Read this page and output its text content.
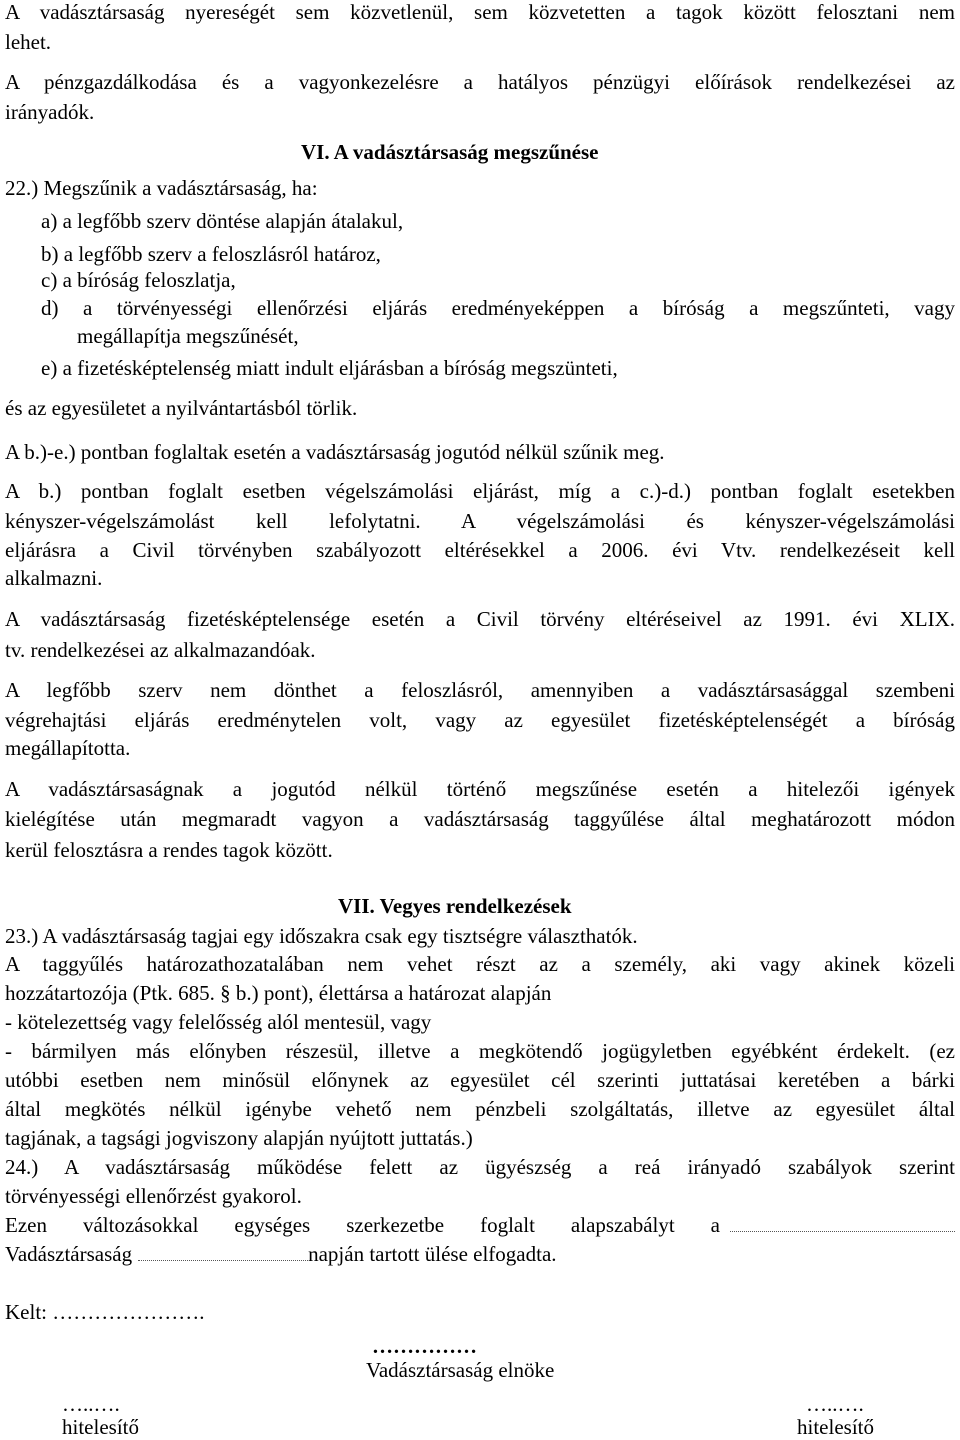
A vadásztársaság nyereségét sem közvetlenül, sem közvetetten a tagok között felosztani nem
lehet.
A pénzgazdálkodása és a vagyonkezelésre a hatályos pénzügyi előírások rendelkezései az
irányadók.
VI. A vadásztársaság megszűnése
22.) Megszűnik a vadásztársaság, ha:
a) a legfőbb szerv döntése alapján átalakul,
b) a legfőbb szerv a feloszlásról határoz,
c) a bíróság feloszlatja,
d) a törvényességi ellenőrzési eljárás eredményeképpen a bíróság a megszűnteti, vagy
megállapítja megszűnését,
e) a fizetésképtelenség miatt indult eljárásban a bíróság megszünteti,
és az egyesületet a nyilvántartásból törlik.
A b.)-e.) pontban foglaltak esetén a vadásztársaság jogutód nélkül szűnik meg.
A b.) pontban foglalt esetben végelszámolási eljárást, míg a c.)-d.) pontban foglalt esetekben
kényszer-végelszámolást kell lefolytatni. A végelszámolási és kényszer-végelszámolási
eljárásra a Civil törvényben szabályozott eltérésekkel a 2006. évi Vtv. rendelkezéseit kell
alkalmazni.
A vadásztársaság fizetésképtelensége esetén a Civil törvény eltéréseivel az 1991. évi XLIX.
tv. rendelkezései az alkalmazandóak.
A legfőbb szerv nem dönthet a feloszlásról, amennyiben a vadásztársasággal szembeni
végrehajtási eljárás eredménytelen volt, vagy az egyesület fizetésképtelenségét a bíróság
megállapította.
A vadásztársaságnak a jogutód nélkül történő megszűnése esetén a hitelezői igények
kielégítése után megmaradt vagyon a vadásztársaság taggyűlése által meghatározott módon
kerül felosztásra a rendes tagok között.
VII. Vegyes rendelkezések
23.) A vadásztársaság tagjai egy időszakra csak egy tisztségre választhatók.
A taggyűlés határozathozatalában nem vehet részt az a személy, aki vagy akinek közeli
hozzátartozója (Ptk. 685. § b.) pont), élettársa a határozat alapján
- kötelezettség vagy felelősség alól mentesül, vagy
- bármilyen más előnyben részesül, illetve a megkötendő jogügyletben egyébként érdekelt. (ez
utóbbi esetben nem minősül előnynek az egyesület cél szerinti juttatásai keretében a bárki
által megkötés nélkül igénybe vehető nem pénzbeli szolgáltatás, illetve az egyesület által
tagjának, a tagsági jogviszony alapján nyújtott juttatás.)
24.) A vadásztársaság működése felett az ügyészség a reá irányadó szabályok szerint
törvényességi ellenőrzést gyakorol.
Ezen változásokkal egységes szerkezetbe foglalt alapszabályt a
Vadásztársaság	napján tartott ülése elfogadta.
Kelt: ………………….
……………
Vadásztársaság elnöke
…..….
hitelesítő
…..….
hitelesítő
